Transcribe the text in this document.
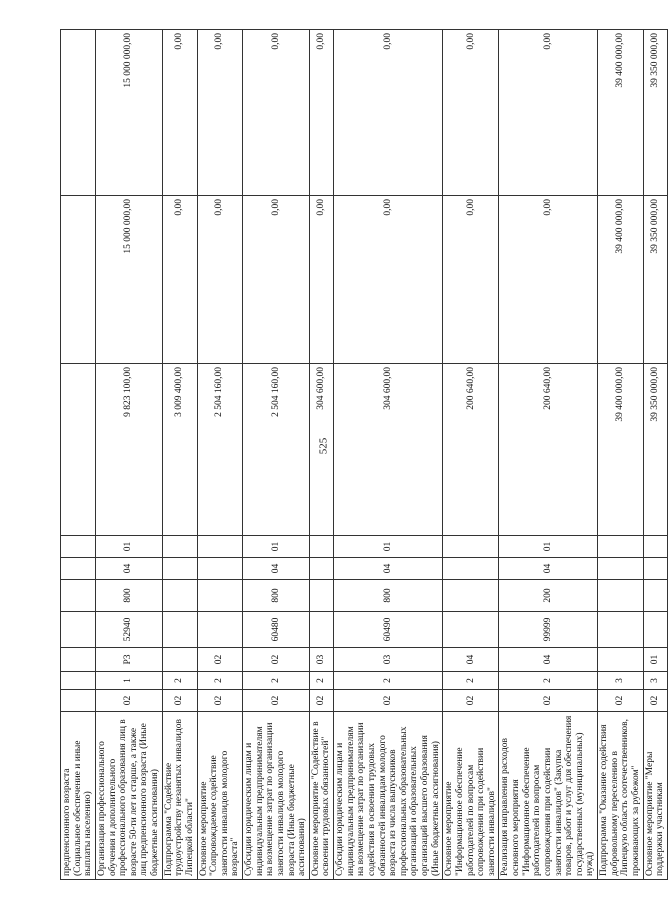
525
предпенсионного возраста (Социальное обеспечение и иные выплаты населению)										
Организация профессионального обучения и дополнительного профессионального образования лиц в возрасте 50-ти лет и старше, а также лиц предпенсионного возраста (Иные бюджетные ассигнования)	02	1	P3	52940	800	04	01	9 823 100,00	15 000 000,00	15 000 000,00
Подпрограмма "Содействие трудоустройству незанятых инвалидов Липецкой области"	02	2						3 009 400,00	0,00	0,00
Основное мероприятие "Сопровождаемое содействие занятости инвалидов молодого возраста"	02	2	02					2 504 160,00	0,00	0,00
Субсидии юридическим лицам и индивидуальным предпринимателям на возмещение затрат по организации занятости инвалидов молодого возраста (Иные бюджетные ассигнования)	02	2	02	60480	800	04	01	2 504 160,00	0,00	0,00
Основное мероприятие "Содействие в освоении трудовых обязанностей"	02	2	03					304 600,00	0,00	0,00
Субсидии юридическим лицам и индивидуальным предпринимателям на возмещение затрат по организации содействия в освоении трудовых обязанностей инвалидам молодого возраста из числа выпускников профессиональных образовательных организаций и образовательных организаций высшего образования (Иные бюджетные ассигнования)	02	2	03	60490	800	04	01	304 600,00	0,00	0,00
Основное мероприятие "Информационное обеспечение работодателей по вопросам сопровождения при содействии занятости инвалидов"	02	2	04					200 640,00	0,00	0,00
Реализация направления расходов основного мероприятия "Информационное обеспечение работодателей по вопросам сопровождения при содействии занятости инвалидов" (Закупка товаров, работ и услуг для обеспечения государственных (муниципальных) нужд)	02	2	04	99999	200	04	01	200 640,00	0,00	0,00
Подпрограмма "Оказание содействия добровольному переселению в Липецкую область соотечественников, проживающих за рубежом"	02	3						39 400 000,00	39 400 000,00	39 400 000,00
Основное мероприятие "Меры поддержки участникам	02	3	01					39 350 000,00	39 350 000,00	39 350 000,00
